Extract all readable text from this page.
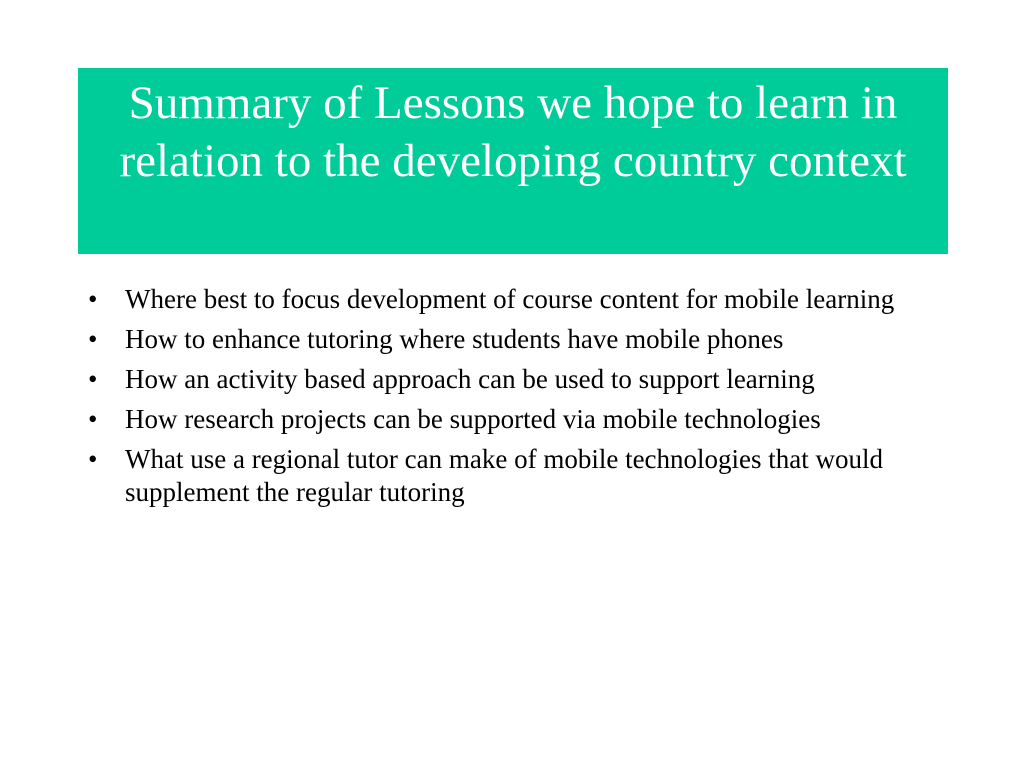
Summary of Lessons we hope to learn in relation to the developing country context
•	Where best to focus development of course content for mobile learning
•	How to enhance tutoring where students have mobile phones
•	How an activity based approach can be used to support learning
•	How research projects can be supported via mobile technologies
•	What use a regional tutor can make of mobile technologies that would supplement the regular tutoring
